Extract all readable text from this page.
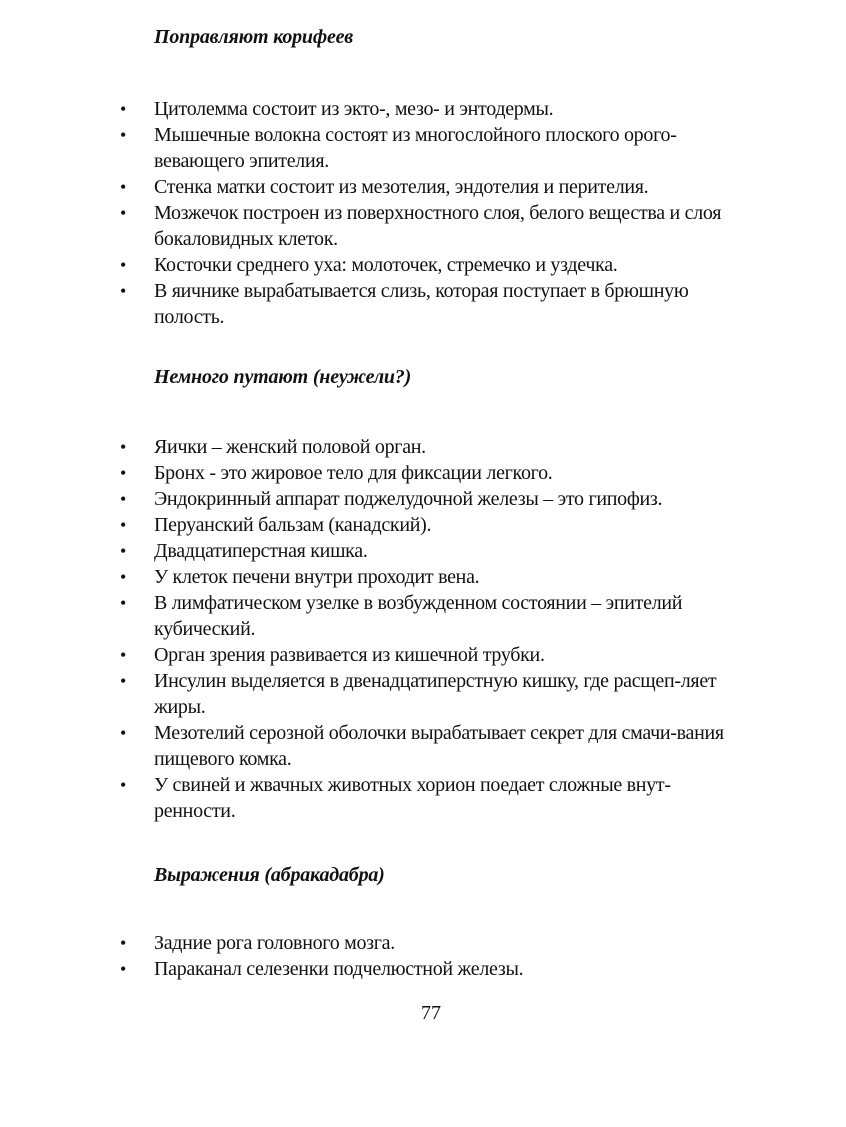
Поправляют корифеев
• Цитолемма состоит из экто-, мезо- и энтодермы.
• Мышечные волокна состоят из многослойного плоского орого-вевающего эпителия.
• Стенка матки состоит из мезотелия, эндотелия и перителия.
• Мозжечок построен из поверхностного слоя, белого вещества и слоя бокаловидных клеток.
• Косточки среднего уха: молоточек, стремечко и уздечка.
• В яичнике вырабатывается слизь, которая поступает в брюшную полость.
Немного путают (неужели?)
• Яички – женский половой орган.
• Бронх - это жировое тело для фиксации легкого.
• Эндокринный аппарат поджелудочной железы – это гипофиз.
• Перуанский бальзам (канадский).
• Двадцатиперстная кишка.
• У клеток печени внутри проходит вена.
• В лимфатическом узелке в возбужденном состоянии – эпителий кубический.
• Орган зрения развивается из кишечной трубки.
• Инсулин выделяется в двенадцатиперстную кишку, где расщеп-ляет жиры.
• Мезотелий серозной оболочки вырабатывает секрет для смачи-вания пищевого комка.
• У свиней и жвачных животных хорион поедает сложные внут-ренности.
Выражения (абракадабра)
• Задние рога головного мозга.
• Параканал селезенки подчелюстной железы.
77
